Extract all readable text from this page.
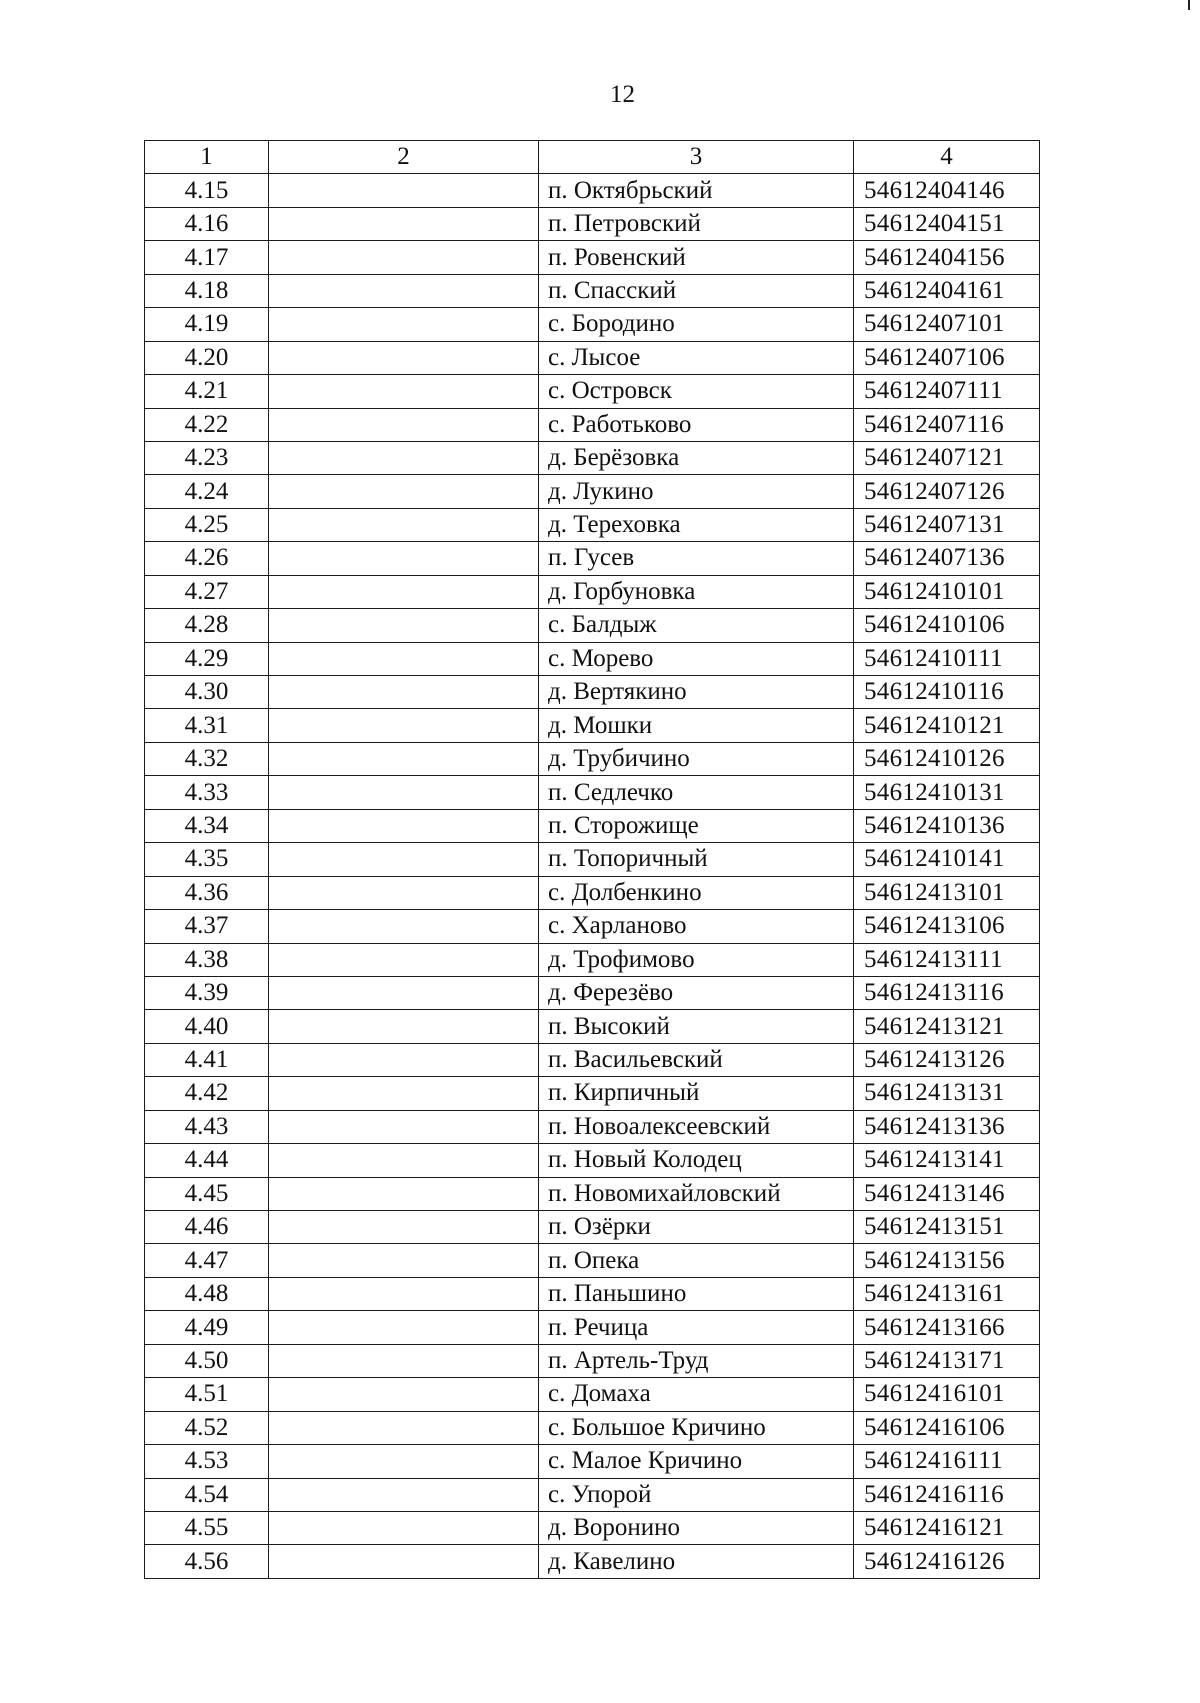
12
1	2	3	4
4.15		п. Октябрьский	54612404146
4.16		п. Петровский	54612404151
4.17		п. Ровенский	54612404156
4.18		п. Спасский	54612404161
4.19		с. Бородино	54612407101
4.20		с. Лысое	54612407106
4.21		с. Островск	54612407111
4.22		с. Работьково	54612407116
4.23		д. Берёзовка	54612407121
4.24		д. Лукино	54612407126
4.25		д. Тереховка	54612407131
4.26		п. Гусев	54612407136
4.27		д. Горбуновка	54612410101
4.28		с. Балдыж	54612410106
4.29		с. Морево	54612410111
4.30		д. Вертякино	54612410116
4.31		д. Мошки	54612410121
4.32		д. Трубичино	54612410126
4.33		п. Седлечко	54612410131
4.34		п. Сторожище	54612410136
4.35		п. Топоричный	54612410141
4.36		с. Долбенкино	54612413101
4.37		с. Харланово	54612413106
4.38		д. Трофимово	54612413111
4.39		д. Ферезёво	54612413116
4.40		п. Высокий	54612413121
4.41		п. Васильевский	54612413126
4.42		п. Кирпичный	54612413131
4.43		п. Новоалексеевский	54612413136
4.44		п. Новый Колодец	54612413141
4.45		п. Новомихайловский	54612413146
4.46		п. Озёрки	54612413151
4.47		п. Опека	54612413156
4.48		п. Паньшино	54612413161
4.49		п. Речица	54612413166
4.50		п. Артель-Труд	54612413171
4.51		с. Домаха	54612416101
4.52		с. Большое Кричино	54612416106
4.53		с. Малое Кричино	54612416111
4.54		с. Упорой	54612416116
4.55		д. Воронино	54612416121
4.56		д. Кавелино	54612416126
